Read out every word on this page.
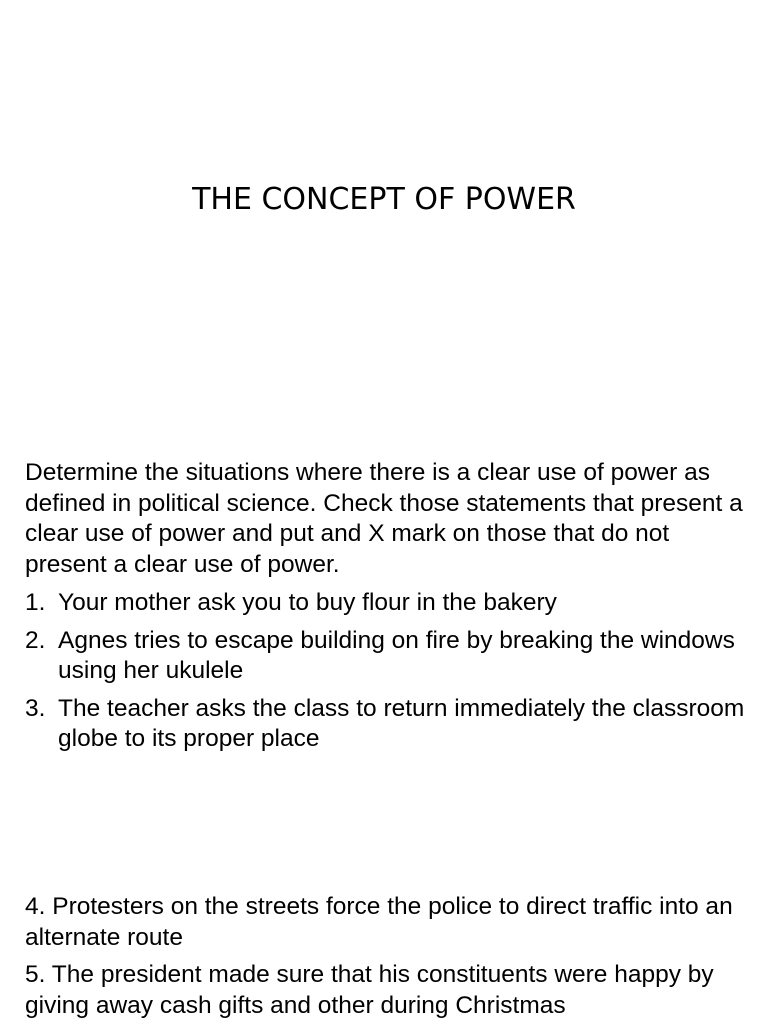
THE CONCEPT OF POWER

Determine the situations where there is a clear use of power as defined in political science. Check those statements that present a clear use of power and put and X mark on those that do not present a clear use of power.

1. Your mother ask you to buy flour in the bakery
2. Agnes tries to escape building on fire by breaking the windows using her ukulele
3. The teacher asks the class to return immediately the classroom globe to its proper place
4. Protesters on the streets force the police to direct traffic into an alternate route
5. The president made sure that his constituents were happy by giving away cash gifts and other during Christmas
